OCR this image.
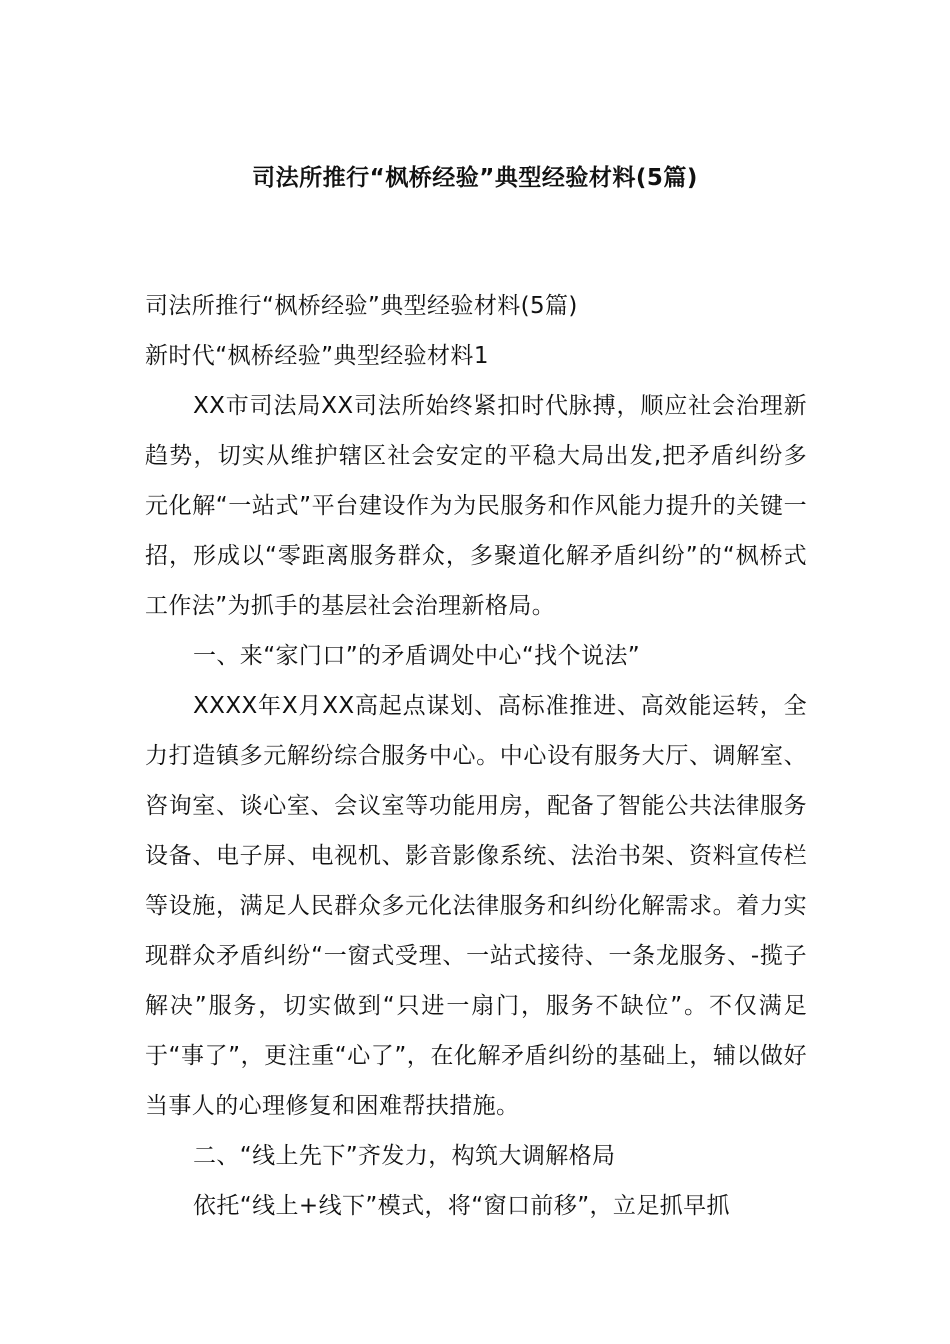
司法所推行“枫桥经验”典型经验材料(5篇)
司法所推行“枫桥经验”典型经验材料(5篇)
新时代“枫桥经验”典型经验材料1
XX市司法局XX司法所始终紧扣时代脉搏，顺应社会治理新趋势，切实从维护辖区社会安定的平稳大局出发,把矛盾纠纷多元化解“一站式”平台建设作为为民服务和作风能力提升的关键一招，形成以“零距离服务群众，多聚道化解矛盾纠纷”的“枫桥式工作法”为抓手的基层社会治理新格局。
一、来“家门口”的矛盾调处中心“找个说法”
XXXX年X月XX高起点谋划、高标准推进、高效能运转，全力打造镇多元解纷综合服务中心。中心设有服务大厅、调解室、咨询室、谈心室、会议室等功能用房，配备了智能公共法律服务设备、电子屏、电视机、影音影像系统、法治书架、资料宣传栏等设施，满足人民群众多元化法律服务和纠纷化解需求。着力实现群众矛盾纠纷“一窗式受理、一站式接待、一条龙服务、-揽子解决”服务，切实做到“只进一扇门，服务不缺位”。不仅满足于“事了”，更注重“心了”，在化解矛盾纠纷的基础上，辅以做好当事人的心理修复和困难帮扶措施。
二、“线上先下”齐发力，构筑大调解格局
依托“线上+线下”模式，将“窗口前移”，立足抓早抓
